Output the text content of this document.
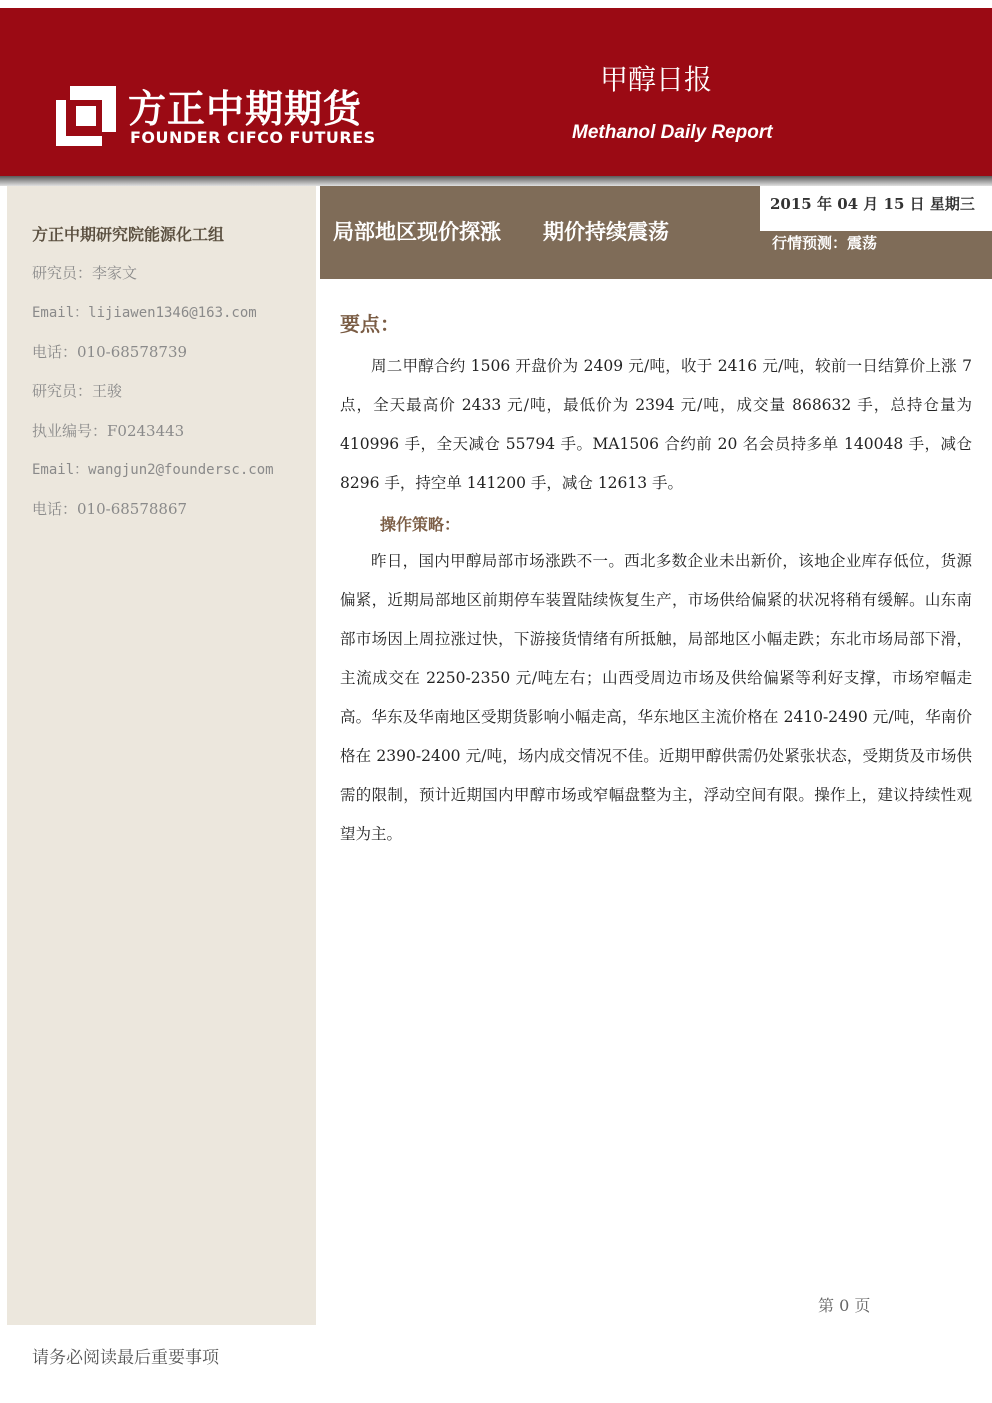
方正中期期货
FOUNDER CIFCO FUTURES
甲醇日报
Methanol Daily Report
方正中期研究院能源化工组
研究员：李家文
Email：lijiawen1346@163.com
电话：010-68578739
研究员：王骏
执业编号：F0243443
Email：wangjun2@foundersc.com
电话：010-68578867
局部地区现价探涨　　期价持续震荡
2015 年 04 月 15 日 星期三
行情预测：震荡
要点：

周二甲醇合约 1506 开盘价为 2409 元/吨，收于 2416 元/吨，较前一日结算价上涨 7 点，全天最高价 2433 元/吨，最低价为 2394 元/吨，成交量 868632 手，总持仓量为 410996 手，全天减仓 55794 手。MA1506 合约前 20 名会员持多单 140048 手，减仓 8296 手，持空单 141200 手，减仓 12613 手。

操作策略：

昨日，国内甲醇局部市场涨跌不一。西北多数企业未出新价，该地企业库存低位，货源偏紧，近期局部地区前期停车装置陆续恢复生产，市场供给偏紧的状况将稍有缓解。山东南部市场因上周拉涨过快，下游接货情绪有所抵触，局部地区小幅走跌；东北市场局部下滑，主流成交在 2250-2350 元/吨左右；山西受周边市场及供给偏紧等利好支撑，市场窄幅走高。华东及华南地区受期货影响小幅走高，华东地区主流价格在 2410-2490 元/吨，华南价格在 2390-2400 元/吨，场内成交情况不佳。近期甲醇供需仍处紧张状态，受期货及市场供需的限制，预计近期国内甲醇市场或窄幅盘整为主，浮动空间有限。操作上，建议持续性观望为主。

第 0 页
请务必阅读最后重要事项
